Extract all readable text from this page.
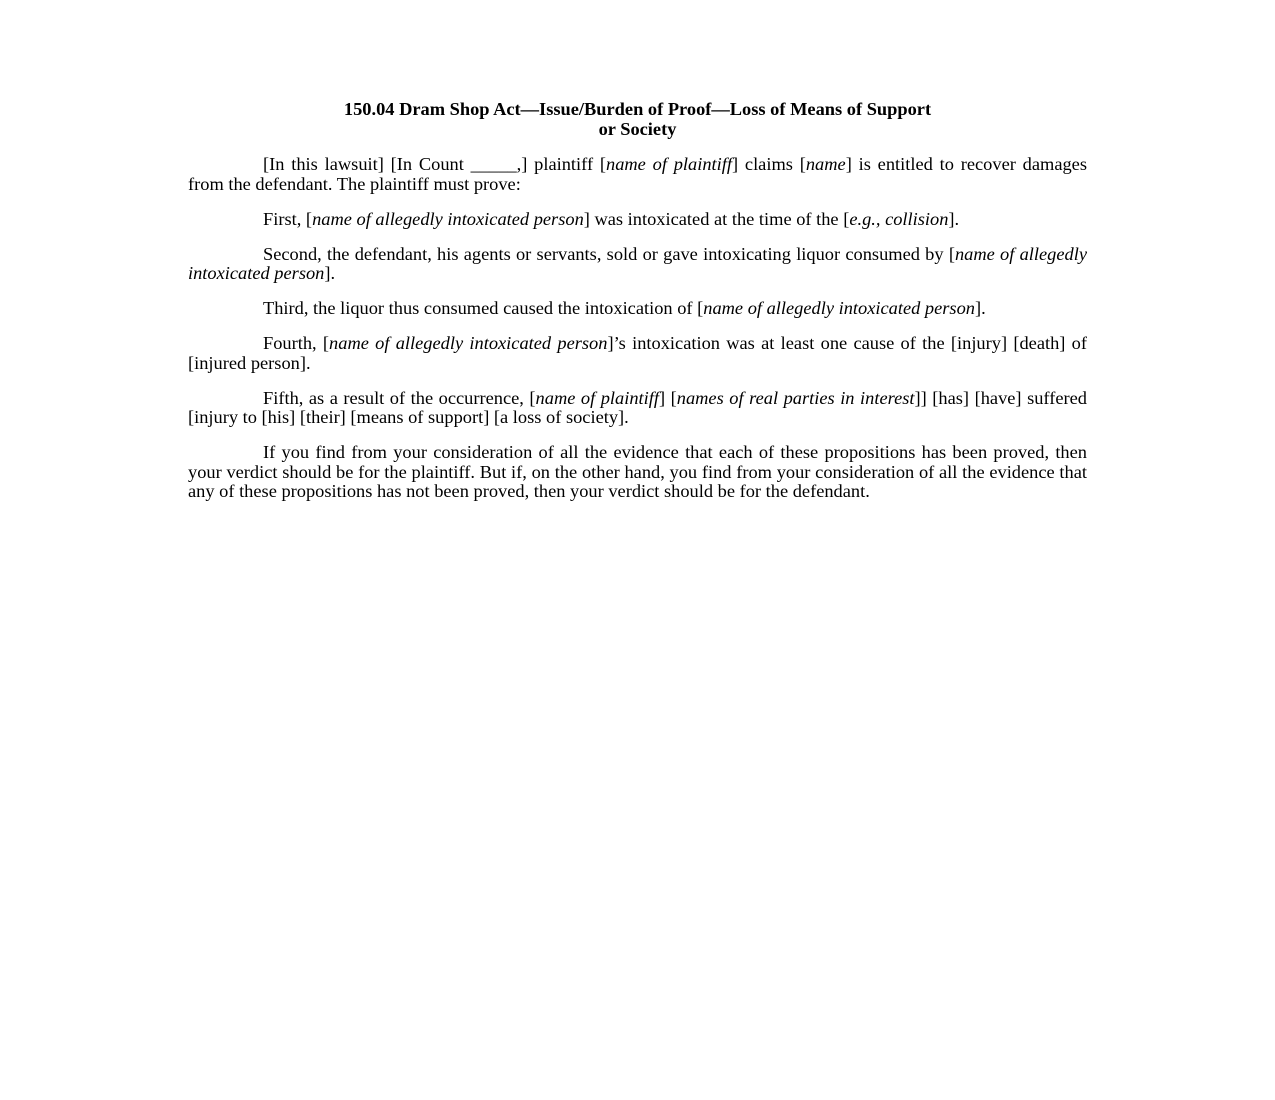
150.04 Dram Shop Act—Issue/Burden of Proof—Loss of Means of Support
or Society

[In this lawsuit] [In Count _____,] plaintiff [name of plaintiff] claims [name] is entitled to recover damages from the defendant. The plaintiff must prove:

First, [name of allegedly intoxicated person] was intoxicated at the time of the [e.g., collision].

Second, the defendant, his agents or servants, sold or gave intoxicating liquor consumed by [name of allegedly intoxicated person].

Third, the liquor thus consumed caused the intoxication of [name of allegedly intoxicated person].

Fourth, [name of allegedly intoxicated person]’s intoxication was at least one cause of the [injury] [death] of [injured person].

Fifth, as a result of the occurrence, [name of plaintiff] [names of real parties in interest]] [has] [have] suffered [injury to [his] [their] [means of support] [a loss of society].

If you find from your consideration of all the evidence that each of these propositions has been proved, then your verdict should be for the plaintiff. But if, on the other hand, you find from your consideration of all the evidence that any of these propositions has not been proved, then your verdict should be for the defendant.
